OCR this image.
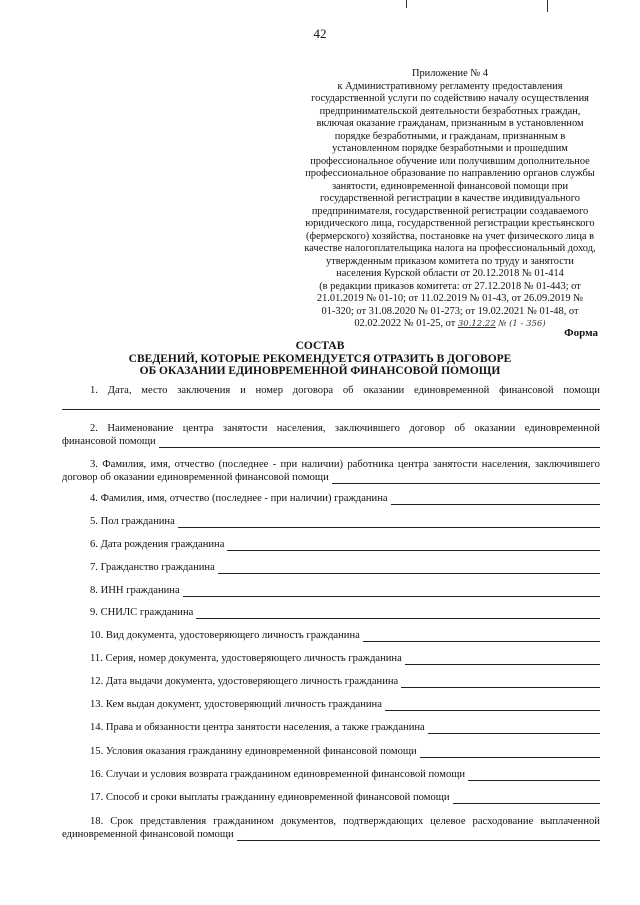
42
Приложение № 4
к Административному регламенту предоставления
государственной услуги по содействию началу осуществления
предпринимательской деятельности безработных граждан,
включая оказание гражданам, признанным в установленном
порядке безработными, и гражданам, признанным в
установленном порядке безработными и прошедшим
профессиональное обучение или получившим дополнительное
профессиональное образование по направлению органов службы
занятости, единовременной финансовой помощи при
государственной регистрации в качестве индивидуального
предпринимателя, государственной регистрации создаваемого
юридического лица, государственной регистрации крестьянского
(фермерского) хозяйства, постановке на учет физического лица в
качестве налогоплательщика налога на профессиональный доход,
утвержденным приказом комитета по труду и занятости
населения Курской области от 20.12.2018 № 01-414
(в редакции приказов комитета: от 27.12.2018 № 01-443; от
21.01.2019 № 01-10; от 11.02.2019 № 01-43, от 26.09.2019 №
01-320; от 31.08.2020 № 01-273; от 19.02.2021 № 01-48, от
02.02.2022 № 01-25, от 30.12.22 № (1 - 356)
Форма
СОСТАВ
СВЕДЕНИЙ, КОТОРЫЕ РЕКОМЕНДУЕТСЯ ОТРАЗИТЬ В ДОГОВОРЕ
ОБ ОКАЗАНИИ ЕДИНОВРЕМЕННОЙ ФИНАНСОВОЙ ПОМОЩИ
1. Дата, место заключения и номер договора об оказании единовременной финансовой помощи
2. Наименование центра занятости населения, заключившего договор об оказании единовременной
финансовой помощи
3. Фамилия, имя, отчество (последнее - при наличии) работника центра занятости населения, заключившего
договор об оказании единовременной финансовой помощи
4. Фамилия, имя, отчество (последнее - при наличии) гражданина
5. Пол гражданина
6. Дата рождения гражданина
7. Гражданство гражданина
8. ИНН гражданина
9. СНИЛС гражданина
10. Вид документа, удостоверяющего личность гражданина
11. Серия, номер документа, удостоверяющего личность гражданина
12. Дата выдачи документа, удостоверяющего личность гражданина
13. Кем выдан документ, удостоверяющий личность гражданина
14. Права и обязанности центра занятости населения, а также гражданина
15. Условия оказания гражданину единовременной финансовой помощи
16. Случаи и условия возврата гражданином единовременной финансовой помощи
17. Способ и сроки выплаты гражданину единовременной финансовой помощи
18. Срок представления гражданином документов, подтверждающих целевое расходование выплаченной
единовременной финансовой помощи
